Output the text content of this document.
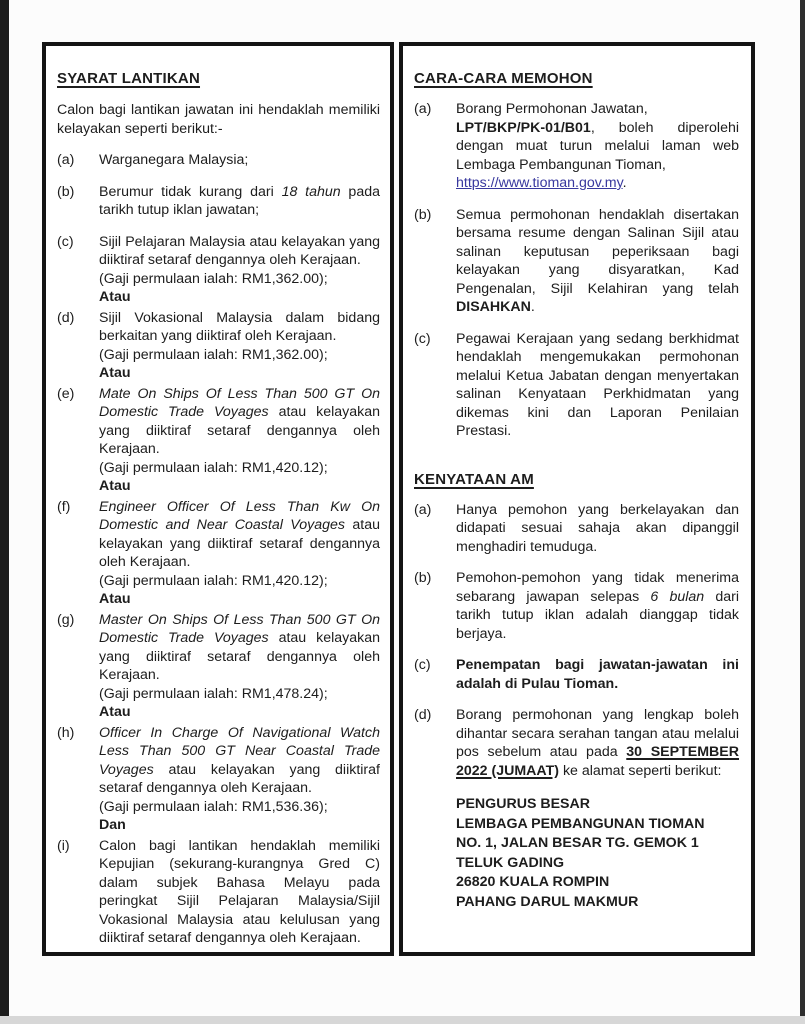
SYARAT LANTIKAN

Calon bagi lantikan jawatan ini hendaklah memiliki kelayakan seperti berikut:-

(a)	Warganegara Malaysia;
(b)	Berumur tidak kurang dari 18 tahun pada tarikh tutup iklan jawatan;
(c)	Sijil Pelajaran Malaysia atau kelayakan yang diiktiraf setaraf dengannya oleh Kerajaan.
(Gaji permulaan ialah: RM1,362.00);
Atau
(d)	Sijil Vokasional Malaysia dalam bidang berkaitan yang diiktiraf oleh Kerajaan.
(Gaji permulaan ialah: RM1,362.00);
Atau
(e)	Mate On Ships Of Less Than 500 GT On Domestic Trade Voyages atau kelayakan yang diiktiraf setaraf dengannya oleh Kerajaan.
(Gaji permulaan ialah: RM1,420.12);
Atau
(f)	Engineer Officer Of Less Than Kw On Domestic and Near Coastal Voyages atau kelayakan yang diiktiraf setaraf dengannya oleh Kerajaan.
(Gaji permulaan ialah: RM1,420.12);
Atau
(g)	Master On Ships Of Less Than 500 GT On Domestic Trade Voyages atau kelayakan yang diiktiraf setaraf dengannya oleh Kerajaan.
(Gaji permulaan ialah: RM1,478.24);
Atau
(h)	Officer In Charge Of Navigational Watch Less Than 500 GT Near Coastal Trade Voyages atau kelayakan yang diiktiraf setaraf dengannya oleh Kerajaan.
(Gaji permulaan ialah: RM1,536.36);
Dan
(i)	Calon bagi lantikan hendaklah memiliki Kepujian (sekurang-kurangnya Gred C) dalam subjek Bahasa Melayu pada peringkat Sijil Pelajaran Malaysia/Sijil Vokasional Malaysia atau kelulusan yang diiktiraf setaraf dengannya oleh Kerajaan.
CARA-CARA MEMOHON
(a)	Borang Permohonan Jawatan,
LPT/BKP/PK-01/B01, boleh diperolehi dengan muat turun melalui laman web Lembaga Pembangunan Tioman,
https://www.tioman.gov.my.
(b)	Semua permohonan hendaklah disertakan bersama resume dengan Salinan Sijil atau salinan keputusan peperiksaan bagi kelayakan yang disyaratkan, Kad Pengenalan, Sijil Kelahiran yang telah DISAHKAN.
(c)	Pegawai Kerajaan yang sedang berkhidmat hendaklah mengemukakan permohonan melalui Ketua Jabatan dengan menyertakan salinan Kenyataan Perkhidmatan yang dikemas kini dan Laporan Penilaian Prestasi.
KENYATAAN AM
(a)	Hanya pemohon yang berkelayakan dan didapati sesuai sahaja akan dipanggil menghadiri temuduga.
(b)	Pemohon-pemohon yang tidak menerima sebarang jawapan selepas 6 bulan dari tarikh tutup iklan adalah dianggap tidak berjaya.
(c)	Penempatan bagi jawatan-jawatan ini adalah di Pulau Tioman.
(d)	Borang permohonan yang lengkap boleh dihantar secara serahan tangan atau melalui pos sebelum atau pada 30 SEPTEMBER 2022 (JUMAAT) ke alamat seperti berikut:
PENGURUS BESAR
LEMBAGA PEMBANGUNAN TIOMAN
NO. 1, JALAN BESAR TG. GEMOK 1
TELUK GADING
26820 KUALA ROMPIN
PAHANG DARUL MAKMUR
